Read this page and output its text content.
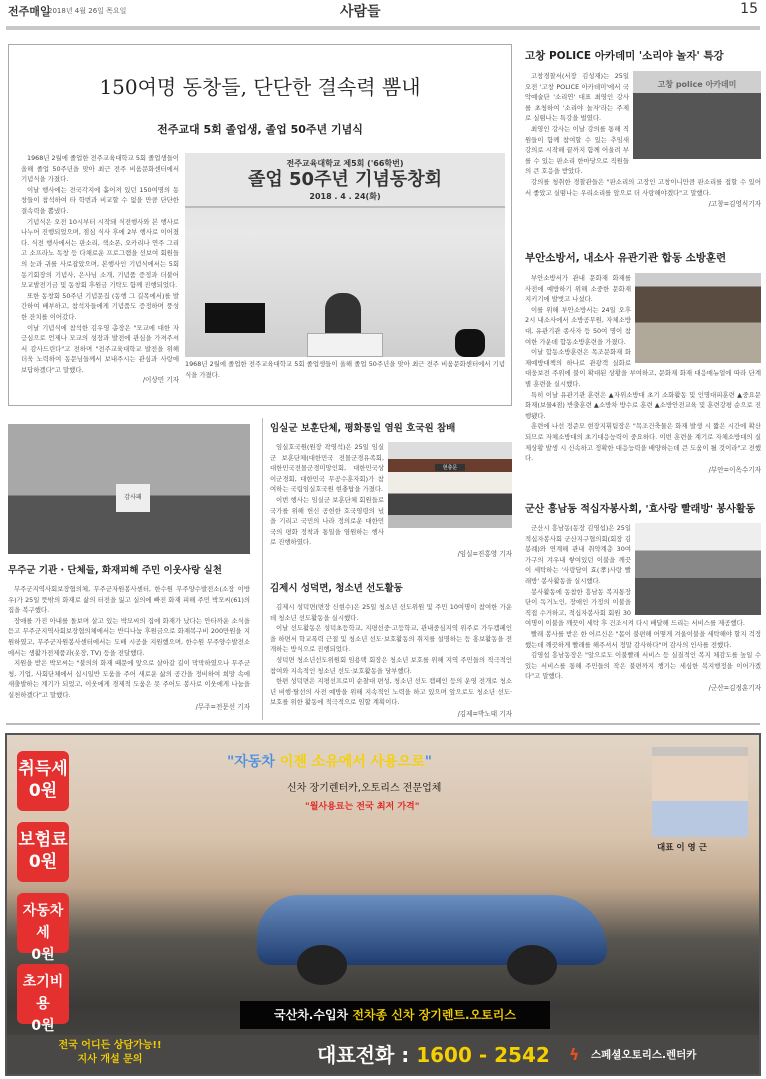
전주매일
2018년 4월 26일 목요일	사람들	15
150여명 동창들, 단단한 결속력 뽐내
전주교대 5회 졸업생, 졸업 50주년 기념식

1968년 2월에 졸업한 전주교육대학교 5회 졸업생들이 올해 졸업 50주년을 맞아 최근 전주 비움문화센터에서 기념식을 가졌다.

이날 행사에는 전국각지에 흩어져 있던 150여명의 동창들이 참석하여 타 학번과 비교할 수 없을 만큼 단단한 결속력을 뽐냈다.

기념식은 오전 10시부터 시작돼 식전행사와 본 행사로 나누어 진행되었으며, 점심 식사 후에 2부 행사로 이어졌다. 식전 행사에서는 판소리, 색소폰, 오카리나 연주 그리고 소프라노 독창 등 다채로운 프로그램을 선보여 회원들의 눈과 귀를 사로잡았으며, 본행사인 기념식에서는 5회동기회장의 기념사, 은사님 소개, 기념품 증정과 더불어 모교발전기금 및 동창회 후원금 기탁도 함께 진행되었다.

또한 동창회 50주년 기념문집 (동행 그 길목에서)를 발간하여 배부하고, 참석자들에게 기념품도 증정하며 풍성한 잔치를 이어갔다.

이날 기념식에 참석한 김우영 총장은 "모교에 대한 자긍심으로 언제나 모교의 성장과 발전에 관심을 가져주셔서 감사드린다"고 전하며 "전주교육대학교 발전을 위해 더욱 노력하여 동문님들께서 보내주시는 관심과 사랑에 보답하겠다"고 말했다.

/이상민 기자
전주교육대학교 제5회 ('66학번)
졸업 50주년 기념동창회
2018 . 4 . 24(화)
1968년 2월에 졸업한 전주교육대학교 5회 졸업생들이 올해 졸업 50주년을 맞아 최근 전주 비움문화센터에서 기념식을 가졌다.
고창 POLICE 아카데미 '소리야 놀자' 특강
고창 police 아카데미

고창경찰서(서장 김성재)는 25일 오전 '고창 POLICE 아카데미'에서 국악예술단 '소리연' 대표 최영인 강사를 초청하여 '소리야 놀자'라는 주제로 실떰나는 특강을 벌였다.

최영인 강사는 이날 강의를 통해 직원들이 함께 참여할 수 있는 추임새 강의로 시작해 끝까지 함께 어울려 부를 수 있는 판소리 한마당으로 직원들의 큰 호응을 받았다.

강의를 청취한 경찰관들은 "판소리의 고장인 고창이니만큼 판소리를 접할 수 있어서 좋았고 실떰나는 우리소리를 앞으로 더 사랑해야겠다"고 말했다.

/고창=김영식기자
부안소방서, 내소사 유관기관 합동 소방훈련

부안소방서가 관내 문화재 화재를 사전에 예방하기 위해 소중한 문화재 지키기에 발벗고 나섰다.

이를 위해 부안소방서는 24일 오후 2시 내소사에서 소방공무원, 자체소방대, 유관기관 종사자 등 50여 명이 참여한 가운데 합동소방훈련을 가졌다.

이날 합동소방훈련은 목조문화재 화재예방대책의 하나로 관광객 실화로 대웅보전 주위에 불이 확대된 상황을 부여하고, 문화재 화재 대응매뉴얼에 따라 단계별 훈련을 실시했다.

특히 이날 유관기관 훈련은 ▲자위소방대 초기 소화활동 및 인명대피훈련 ▲중요문화재(보물4점) 반출훈련 ▲소방차 방수로 훈련 ▲소방안전교육 및 훈련강평 순으로 진행됐다.

훈련에 나선 정준모 현장지휘팀장은 "목조건축물은 화재 발생 시 짧은 시간에 확산되므로 자체소방대의 초기대응능력이 중요하다. 이번 훈련을 계기로 자체소방대의 실제상황 발생 시 신속하고 정확한 대응능력을 배양하는데 큰 도움이 될 것이라"고 전했다.

/부안=이옥수기자
군산 흥남동 적십자봉사회, '효사랑 빨래방' 봉사활동

군산시 흥남동(동장 김영섭)은 25일 적십자봉사회 군산지구협의회(회장 김봉례)와 연계해 관내 취약계층 30여 가구의 겨우내 쌓여있던 이불을 깨끗이 세탁하는 '사랑담이 효(孝)사랑 빨래방' 봉사활동을 실시했다.

봉사활동에 동참한 흥남동 복지통장단이 독거노인, 장애인 가정의 이불을 직접 수거하고, 적십자봉사회 회원 30여명이 이불을 깨끗이 세탁 후 건조시켜 다시 배달해 드리는 서비스를 제공했다.

빨래 봉사를 받은 한 어르신은 "몸이 불편해 어떻게 겨울이불을 세탁해야 할지 걱정했는데 깨끗하게 빨래를 해주셔서 정말 감사하다"며 감사의 인사를 전했다.

김영섭 흥남동장은 "앞으로도 이불빨래 서비스 등 실질적인 복지 체감도를 높일 수 있는 서비스를 통해 주민들의 작은 불편까지 챙기는 세심한 복지행정을 이어가겠다"고 말했다.

/군산=김정훈기자
감사패
무주군 기관 · 단체들, 화재피해 주민 이웃사랑 실천

무주군지역사회보장협의체, 무주군자원봉사센터, 한수원 무주양수발전소(소장 이방우)가 25일 뜻밖의 화재로 삶의 터전을 잃고 실의에 빠진 화재 피해 주민 박모씨(61)의 집을 복구했다.

장애를 가진 아내를 돌보며 살고 있는 박모씨의 집에 화재가 났다는 안타까운 소식을 듣고 무주군지역사회보장협의체에서는 반디나눔 후원금으로 화재복구비 200만원을 지원하였고, 무주군자원봉사센터에서는 도배 시공을 지원했으며, 한수원 무주양수발전소에서는 생활가전제품과(옷장, TV) 등을 전달했다.

지원을 받은 박모씨는 "불의의 화재 때문에 앞으로 살아갈 길이 막막하였으나 무주군청, 기업, 사회단체에서 십시일반 도움을 주어 새로운 삶의 공간을 정비하여 희망 속에 새출발하는 계기가 되었고, 이웃에게 경제적 도움은 못 주어도 봉사로 이웃에게 나눔을 실천하겠다"고 말했다.

/무주=전문선 기자
임실군 보훈단체, 평화통일 염원 호국원 참배
현충문

임실호국원(원장 곽영석)은 25일 임실군 보훈단체(대한민국 전몰군경유족회, 대한민국전몰군경미망인회, 대한민국상이군경회, 대한민국 무공수훈자회)가 참여하는 국립임실호국원 현충탑을 가졌다.

이번 행사는 임실군 보훈단체 회원들로 국가를 위해 헌신 공헌한 호국영령의 넋을 기리고 국민의 나라 정의로운 대한민국의 평화 정착과 통일을 염원하는 행사로 진행하였다.

/임실=진홍영 기자
김제시 성덕면, 청소년 선도활동

김제시 성덕면(면장 신현수)은 25일 청소년 선도위원 및 주민 10여명이 참여한 가운데 청소년 선도활동을 실시했다.

이날 선도활동은 성덕초등학교, 지평선중·고등학교, 관내중심지역 위주로 가두캠페인을 하면서 학교폭력 근절 및 청소년 선도·보호활동의 취지를 설명하는 등 홍보활동을 전개하는 방식으로 진행되었다.

성덕면 청소년선도위원회 임용택 회장은 청소년 보호를 위해 지역 주민들의 적극적인 참여와 지속적인 청소년 선도·보호활동을 당부했다.

한편 성덕면은 지평선프로미 순찰대 편성, 청소년 선도 캠페인 등의 운영 전개로 청소년 비행·탈선의 사전 예방을 위해 지속적인 노력을 하고 있으며 앞으로도 청소년 선도·보호를 위한 활동에 적극적으로 임할 계획이다.

/김제=박노태 기자
취득세
0원
보험료
0원
자동차세
0원
초기비용
0원
"자동차 이젠 소유에서 사용으로"
신차 장기렌터카,오토리스 전문업체
"월사용료는 전국 최저 가격"
대표 이 영 근
국산차.수입차 전차종 신차 장기렌트.오토리스
전국 어디든 상담가능!!
지사 개설 문의	대표전화 : 1600 - 2542 ϟ 스페셜오토리스.렌터카
